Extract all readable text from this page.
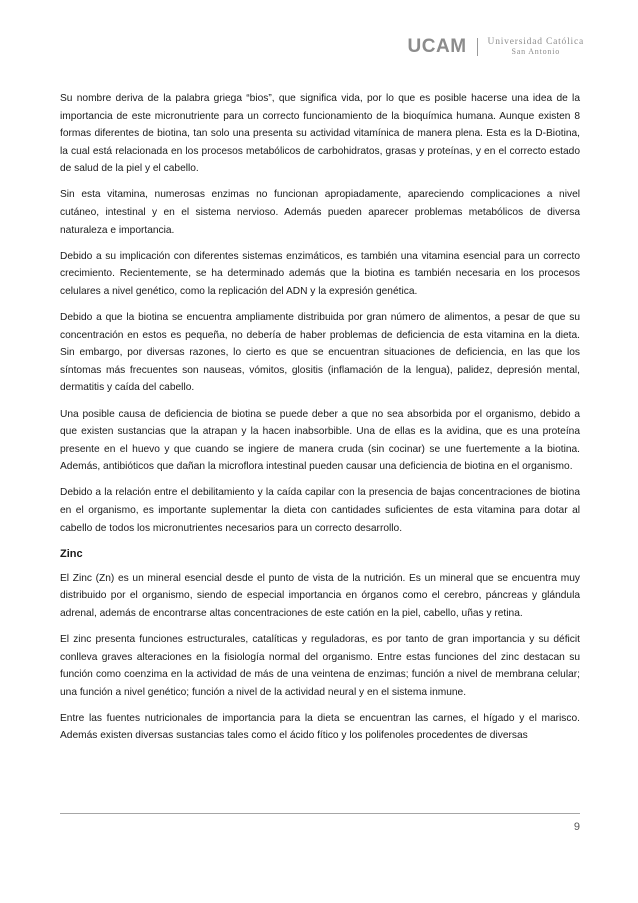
UCAM Universidad Católica
San Antonio

Su nombre deriva de la palabra griega “bios”, que significa vida, por lo que es posible hacerse una idea de la importancia de este micronutriente para un correcto funcionamiento de la bioquímica humana. Aunque existen 8 formas diferentes de biotina, tan solo una presenta su actividad vitamínica de manera plena. Esta es la D-Biotina, la cual está relacionada en los procesos metabólicos de carbohidratos, grasas y proteínas, y en el correcto estado de salud de la piel y el cabello.

Sin esta vitamina, numerosas enzimas no funcionan apropiadamente, apareciendo complicaciones a nivel cutáneo, intestinal y en el sistema nervioso. Además pueden aparecer problemas metabólicos de diversa naturaleza e importancia.

Debido a su implicación con diferentes sistemas enzimáticos, es también una vitamina esencial para un correcto crecimiento. Recientemente, se ha determinado además que la biotina es también necesaria en los procesos celulares a nivel genético, como la replicación del ADN y la expresión genética.

Debido a que la biotina se encuentra ampliamente distribuida por gran número de alimentos, a pesar de que su concentración en estos es pequeña, no debería de haber problemas de deficiencia de esta vitamina en la dieta. Sin embargo, por diversas razones, lo cierto es que se encuentran situaciones de deficiencia, en las que los síntomas más frecuentes son nauseas, vómitos, glositis (inflamación de la lengua), palidez, depresión mental, dermatitis y caída del cabello.

Una posible causa de deficiencia de biotina se puede deber a que no sea absorbida por el organismo, debido a que existen sustancias que la atrapan y la hacen inabsorbible. Una de ellas es la avidina, que es una proteína presente en el huevo y que cuando se ingiere de manera cruda (sin cocinar) se une fuertemente a la biotina. Además, antibióticos que dañan la microflora intestinal pueden causar una deficiencia de biotina en el organismo.

Debido a la relación entre el debilitamiento y la caída capilar con la presencia de bajas concentraciones de biotina en el organismo, es importante suplementar la dieta con cantidades suficientes de esta vitamina para dotar al cabello de todos los micronutrientes necesarios para un correcto desarrollo.

Zinc

El Zinc (Zn) es un mineral esencial desde el punto de vista de la nutrición. Es un mineral que se encuentra muy distribuido por el organismo, siendo de especial importancia en órganos como el cerebro, páncreas y glándula adrenal, además de encontrarse altas concentraciones de este catión en la piel, cabello, uñas y retina.

El zinc presenta funciones estructurales, catalíticas y reguladoras, es por tanto de gran importancia y su déficit conlleva graves alteraciones en la fisiología normal del organismo. Entre estas funciones del zinc destacan su función como coenzima en la actividad de más de una veintena de enzimas; función a nivel de membrana celular; una función a nivel genético; función a nivel de la actividad neural y en el sistema inmune.

Entre las fuentes nutricionales de importancia para la dieta se encuentran las carnes, el hígado y el marisco. Además existen diversas sustancias tales como el ácido fítico y los polifenoles procedentes de diversas

9
